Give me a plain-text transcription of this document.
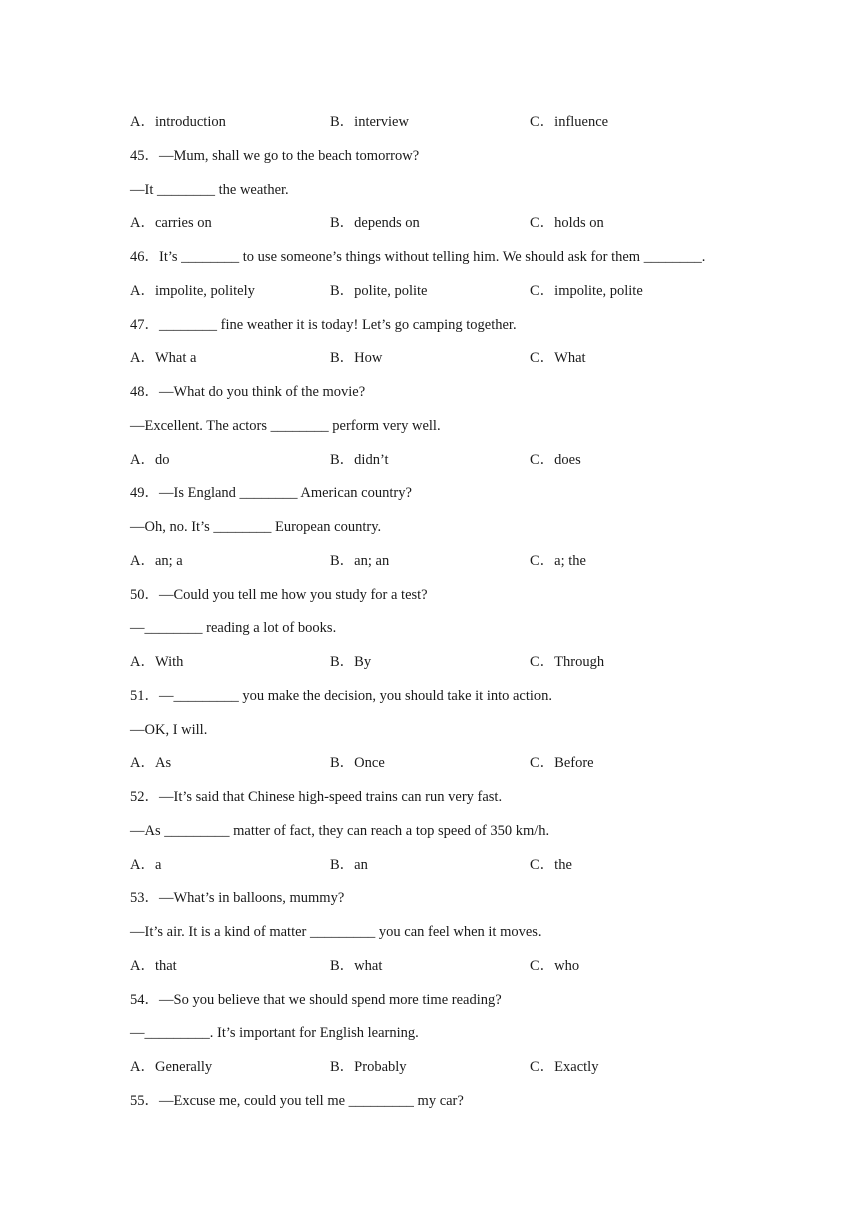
A．introduction	B．interview	C．influence
45．—Mum, shall we go to the beach tomorrow?
—It ________ the weather.
A．carries on	B．depends on	C．holds on
46．It’s ________ to use someone’s things without telling him. We should ask for them ________.
A．impolite, politely	B．polite, polite	C．impolite, polite
47．________ fine weather it is today! Let’s go camping together.
A．What a	B．How	C．What
48．—What do you think of the movie?
—Excellent. The actors ________ perform very well.
A．do	B．didn’t	C．does
49．—Is England ________ American country?
—Oh, no. It’s ________ European country.
A．an; a	B．an; an	C．a; the
50．—Could you tell me how you study for a test?
—________ reading a lot of books.
A．With	B．By	C．Through
51．—_________ you make the decision, you should take it into action.
—OK, I will.
A．As	B．Once	C．Before
52．—It’s said that Chinese high-speed trains can run very fast.
—As _________ matter of fact, they can reach a top speed of 350 km/h.
A．a	B．an	C．the
53．—What’s in balloons, mummy?
—It’s air. It is a kind of matter _________ you can feel when it moves.
A．that	B．what	C．who
54．—So you believe that we should spend more time reading?
—_________. It’s important for English learning.
A．Generally	B．Probably	C．Exactly
55．—Excuse me, could you tell me _________ my car?
